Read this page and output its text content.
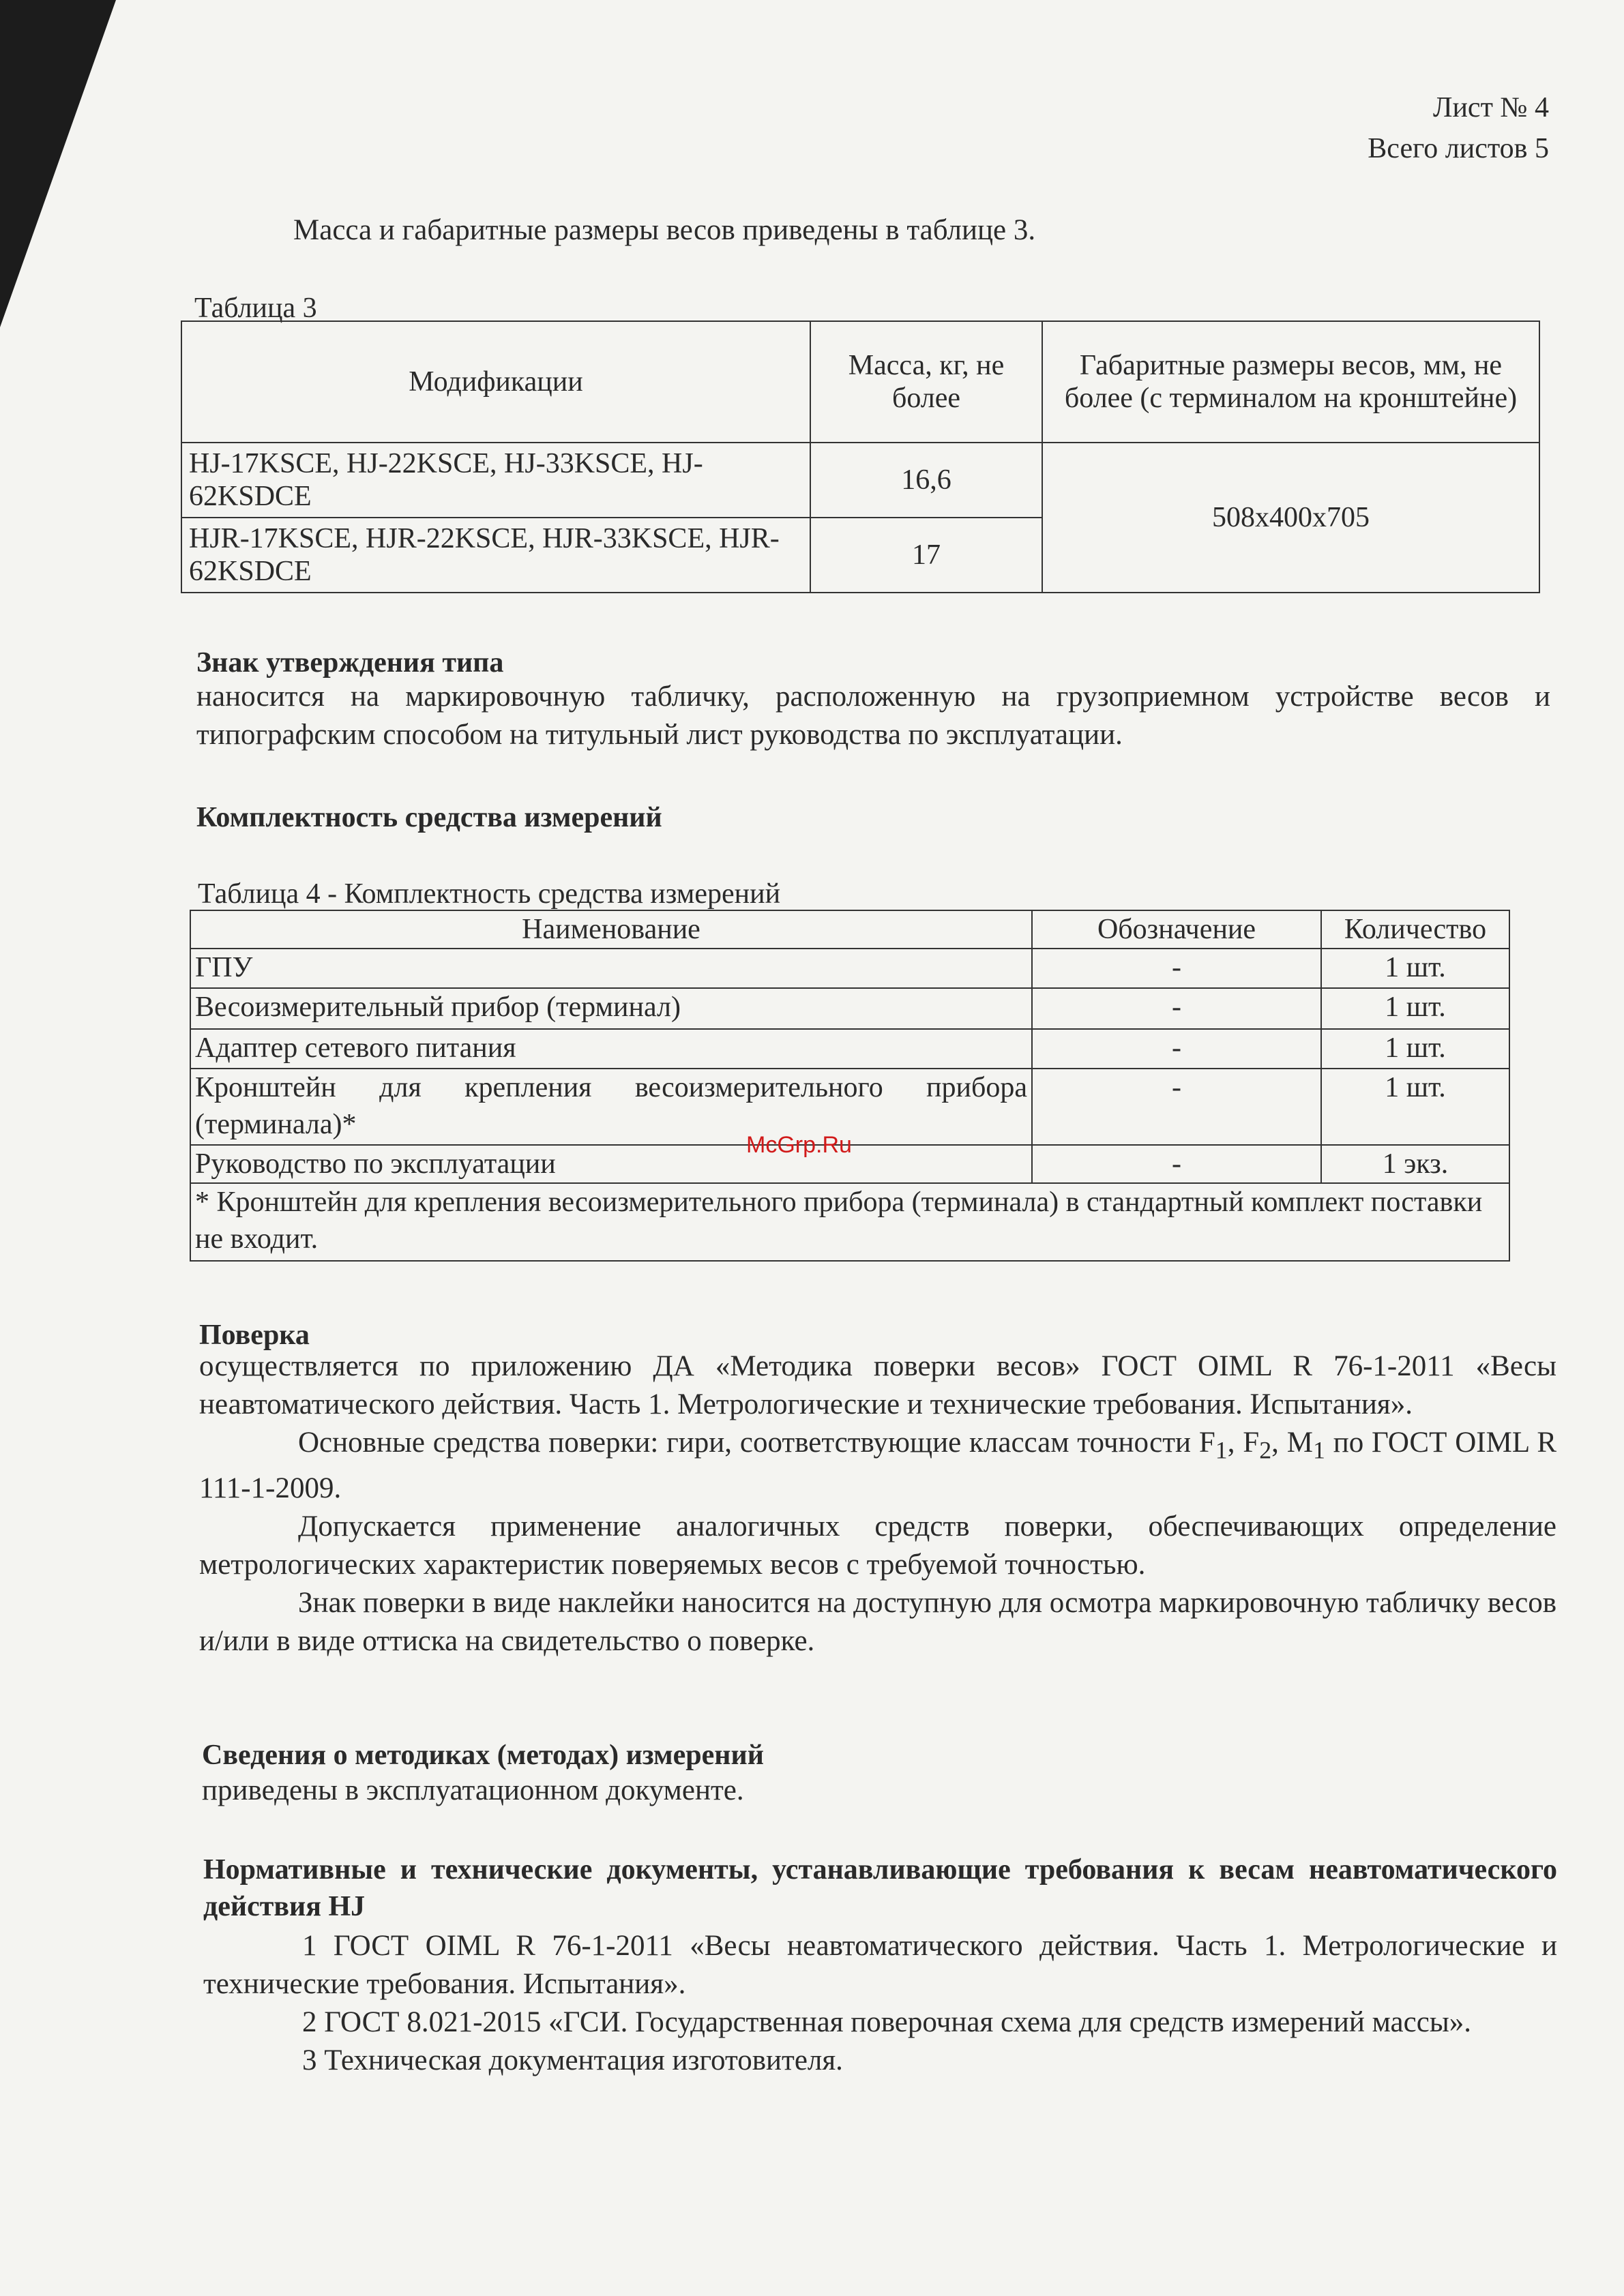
Лист № 4
Всего листов 5
Масса и габаритные размеры весов приведены в таблице 3.
Таблица 3
Модификации	Масса, кг, не более	Габаритные размеры весов, мм, не более (с терминалом на кронштейне)
HJ-17KSCE, HJ-22KSCE, HJ-33KSCE, HJ-62KSDCE	16,6	508x400x705
HJR-17KSCE, HJR-22KSCE, HJR-33KSCE, HJR-62KSDCE	17	
Знак утверждения типа
наносится на маркировочную табличку, расположенную на грузоприемном устройстве весов и типографским способом на титульный лист руководства по эксплуатации.
Комплектность средства измерений
Таблица 4 - Комплектность средства измерений
Наименование	Обозначение	Количество
ГПУ	-	1 шт.
Весоизмерительный прибор (терминал)	-	1 шт.
Адаптер сетевого питания	-	1 шт.
Кронштейн для крепления весоизмерительного прибора (терминала)*	-	1 шт.
Руководство по эксплуатации	-	1 экз.
* Кронштейн для крепления весоизмерительного прибора (терминала) в стандартный комплект поставки не входит.		
McGrp.Ru
Поверка
осуществляется по приложению ДА «Методика поверки весов» ГОСТ OIML R 76-1-2011 «Весы неавтоматического действия. Часть 1. Метрологические и технические требования. Испытания».
Основные средства поверки: гири, соответствующие классам точности $F_1$, $F_2$, $M_1$ по ГОСТ OIML R 111-1-2009.
Допускается применение аналогичных средств поверки, обеспечивающих определение метрологических характеристик поверяемых весов с требуемой точностью.
Знак поверки в виде наклейки наносится на доступную для осмотра маркировочную табличку весов и/или в виде оттиска на свидетельство о поверке.
Сведения о методиках (методах) измерений
приведены в эксплуатационном документе.
Нормативные и технические документы, устанавливающие требования к весам неавтоматического действия HJ
1 ГОСТ OIML R 76-1-2011 «Весы неавтоматического действия. Часть 1. Метрологические и технические требования. Испытания».
2 ГОСТ 8.021-2015 «ГСИ. Государственная поверочная схема для средств измерений массы».
3 Техническая документация изготовителя.
